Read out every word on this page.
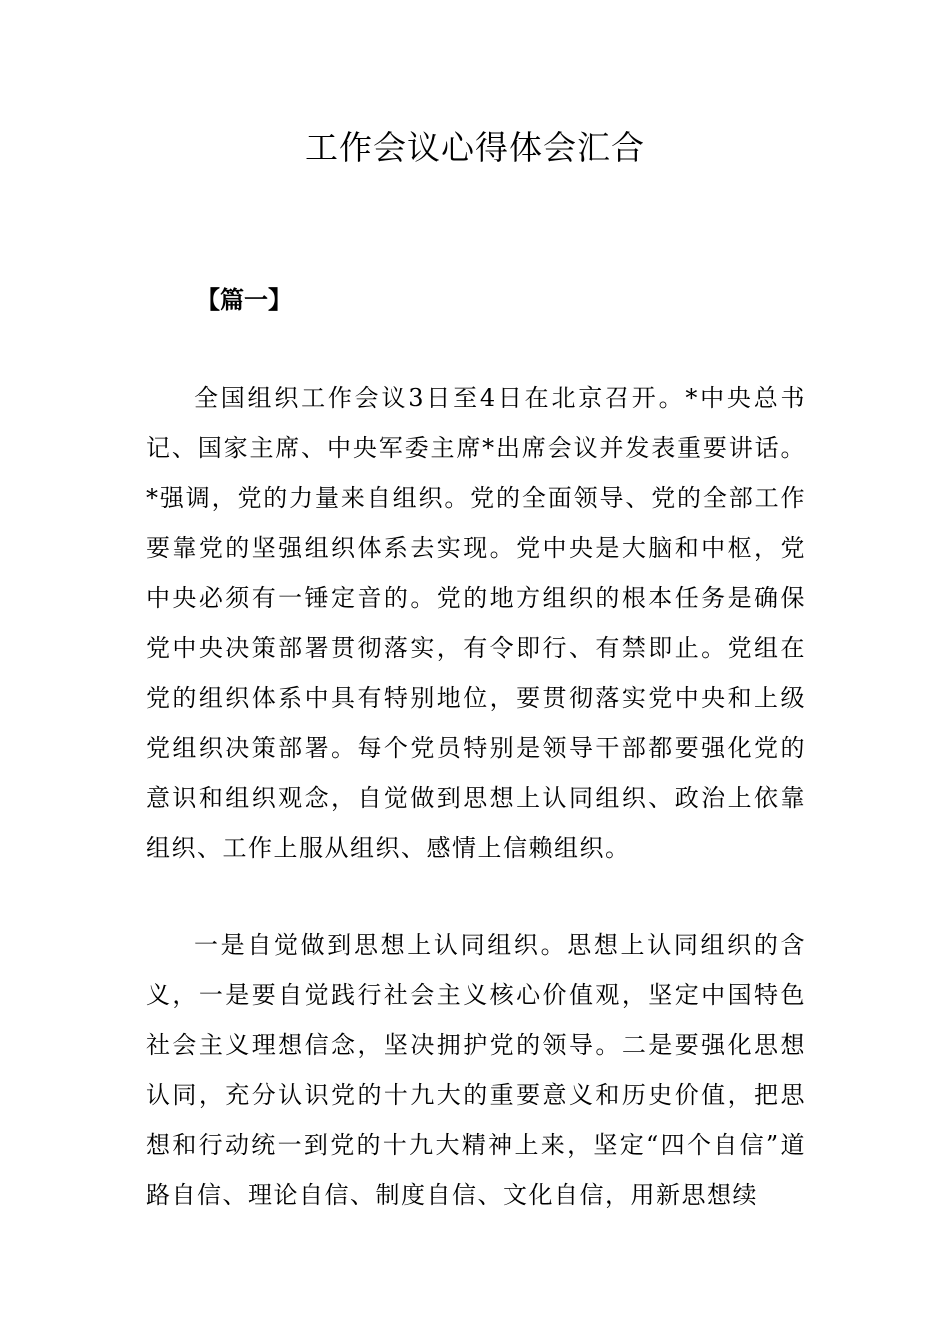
工作会议心得体会汇合

【篇一】

全国组织工作会议3日至4日在北京召开。*中央总书记、国家主席、中央军委主席*出席会议并发表重要讲话。*强调，党的力量来自组织。党的全面领导、党的全部工作要靠党的坚强组织体系去实现。党中央是大脑和中枢，党中央必须有一锤定音的。党的地方组织的根本任务是确保党中央决策部署贯彻落实，有令即行、有禁即止。党组在党的组织体系中具有特别地位，要贯彻落实党中央和上级党组织决策部署。每个党员特别是领导干部都要强化党的意识和组织观念，自觉做到思想上认同组织、政治上依靠组织、工作上服从组织、感情上信赖组织。

一是自觉做到思想上认同组织。思想上认同组织的含义，一是要自觉践行社会主义核心价值观，坚定中国特色社会主义理想信念，坚决拥护党的领导。二是要强化思想认同，充分认识党的十九大的重要意义和历史价值，把思想和行动统一到党的十九大精神上来，坚定“四个自信”道路自信、理论自信、制度自信、文化自信，用新思想续
